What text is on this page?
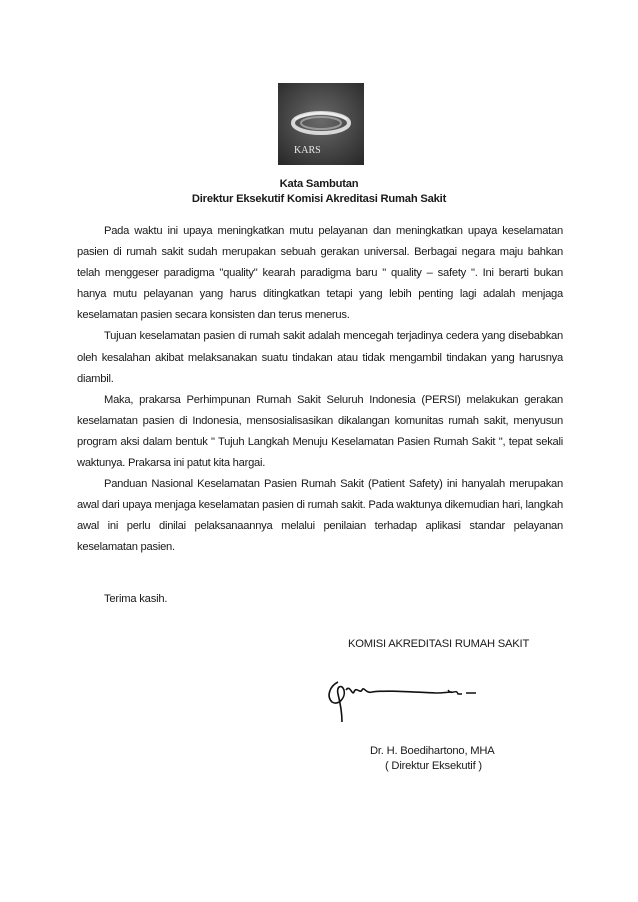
KARS
Kata Sambutan
Direktur Eksekutif Komisi Akreditasi Rumah Sakit

Pada waktu ini upaya meningkatkan mutu pelayanan dan meningkatkan upaya keselamatan pasien di rumah sakit sudah merupakan sebuah gerakan universal. Berbagai negara maju bahkan telah menggeser paradigma "quality" kearah paradigma baru " quality – safety ". Ini berarti bukan hanya mutu pelayanan yang harus ditingkatkan tetapi yang lebih penting lagi adalah menjaga keselamatan pasien secara konsisten dan terus menerus.

Tujuan keselamatan pasien di rumah sakit adalah mencegah terjadinya cedera yang disebabkan oleh kesalahan akibat melaksanakan suatu tindakan atau tidak mengambil tindakan yang harusnya diambil.

Maka, prakarsa Perhimpunan Rumah Sakit Seluruh Indonesia (PERSI) melakukan gerakan keselamatan pasien di Indonesia, mensosialisasikan dikalangan komunitas rumah sakit, menyusun program aksi dalam bentuk " Tujuh Langkah Menuju Keselamatan Pasien Rumah Sakit ", tepat sekali waktunya. Prakarsa ini patut kita hargai.

Panduan Nasional Keselamatan Pasien Rumah Sakit (Patient Safety) ini hanyalah merupakan awal dari upaya menjaga keselamatan pasien di rumah sakit. Pada waktunya dikemudian hari, langkah awal ini perlu dinilai pelaksanaannya melalui penilaian terhadap aplikasi standar pelayanan keselamatan pasien.

Terima kasih.
KOMISI AKREDITASI RUMAH SAKIT
Dr. H. Boedihartono, MHA
( Direktur Eksekutif )
